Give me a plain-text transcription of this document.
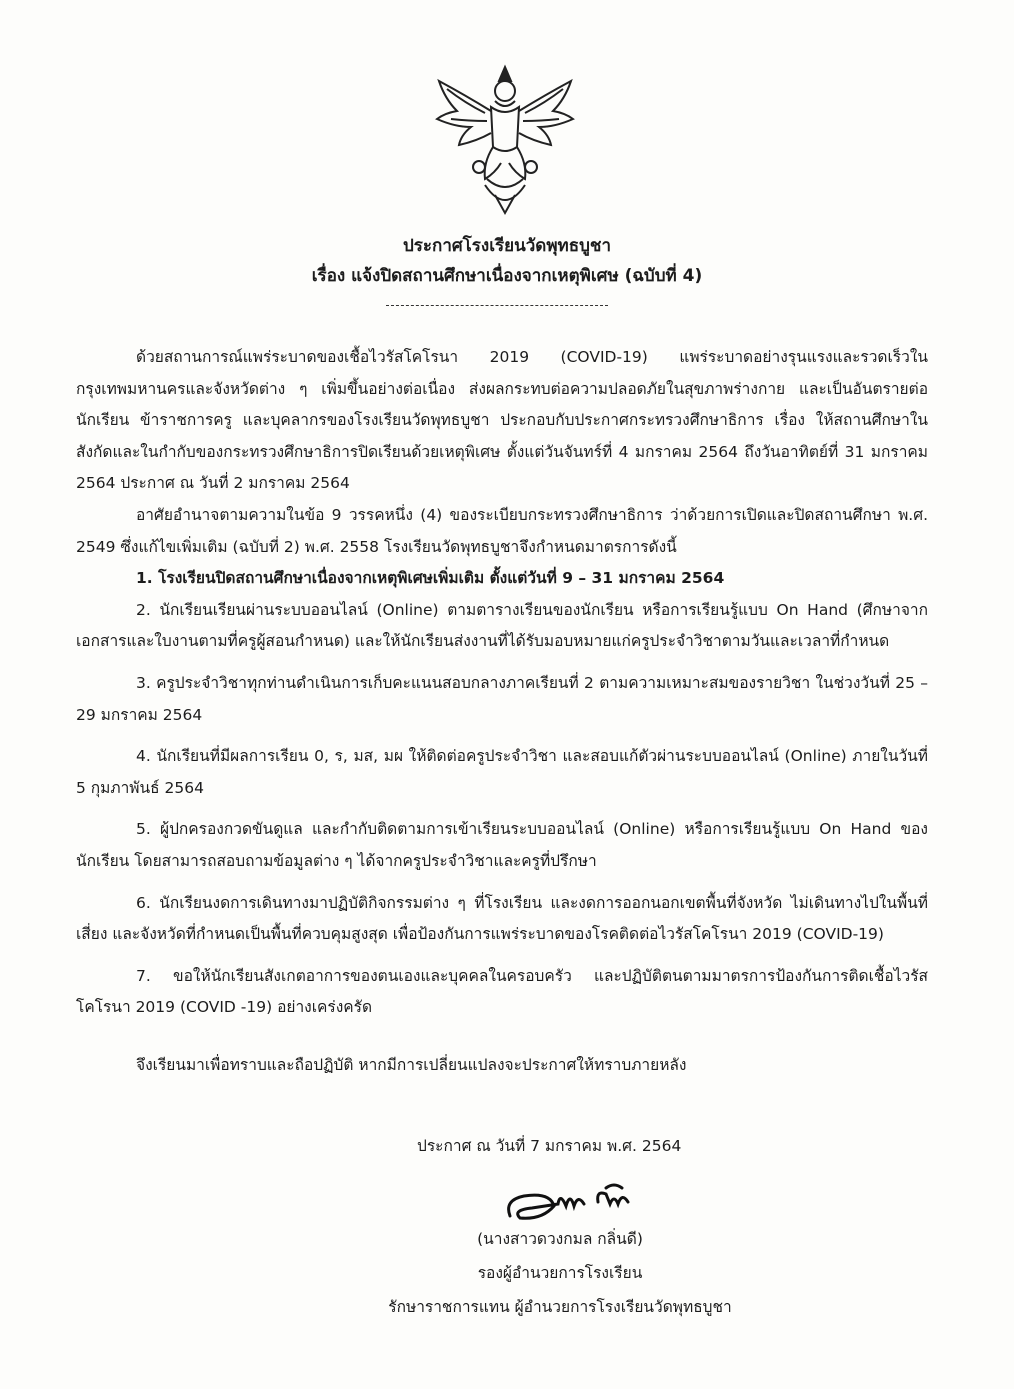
ประกาศโรงเรียนวัดพุทธบูชา
เรื่อง แจ้งปิดสถานศึกษาเนื่องจากเหตุพิเศษ (ฉบับที่ 4)

ด้วยสถานการณ์แพร่ระบาดของเชื้อไวรัสโคโรนา 2019 (COVID-19) แพร่ระบาดอย่างรุนแรงและรวดเร็วในกรุงเทพมหานครและจังหวัดต่าง ๆ เพิ่มขึ้นอย่างต่อเนื่อง ส่งผลกระทบต่อความปลอดภัยในสุขภาพร่างกาย และเป็นอันตรายต่อนักเรียน ข้าราชการครู และบุคลากรของโรงเรียนวัดพุทธบูชา ประกอบกับประกาศกระทรวงศึกษาธิการ เรื่อง ให้สถานศึกษาในสังกัดและในกำกับของกระทรวงศึกษาธิการปิดเรียนด้วยเหตุพิเศษ ตั้งแต่วันจันทร์ที่ 4 มกราคม 2564 ถึงวันอาทิตย์ที่ 31 มกราคม 2564 ประกาศ ณ วันที่ 2 มกราคม 2564

อาศัยอำนาจตามความในข้อ 9 วรรคหนึ่ง (4) ของระเบียบกระทรวงศึกษาธิการ ว่าด้วยการเปิดและปิดสถานศึกษา พ.ศ. 2549 ซึ่งแก้ไขเพิ่มเติม (ฉบับที่ 2) พ.ศ. 2558 โรงเรียนวัดพุทธบูชาจึงกำหนดมาตรการดังนี้

1. โรงเรียนปิดสถานศึกษาเนื่องจากเหตุพิเศษเพิ่มเติม ตั้งแต่วันที่ 9 – 31 มกราคม 2564

2. นักเรียนเรียนผ่านระบบออนไลน์ (Online) ตามตารางเรียนของนักเรียน หรือการเรียนรู้แบบ On Hand (ศึกษาจากเอกสารและใบงานตามที่ครูผู้สอนกำหนด) และให้นักเรียนส่งงานที่ได้รับมอบหมายแก่ครูประจำวิชาตามวันและเวลาที่กำหนด

3. ครูประจำวิชาทุกท่านดำเนินการเก็บคะแนนสอบกลางภาคเรียนที่ 2 ตามความเหมาะสมของรายวิชา ในช่วงวันที่ 25 – 29 มกราคม 2564

4. นักเรียนที่มีผลการเรียน 0, ร, มส, มผ ให้ติดต่อครูประจำวิชา และสอบแก้ตัวผ่านระบบออนไลน์ (Online) ภายในวันที่ 5 กุมภาพันธ์ 2564

5. ผู้ปกครองกวดขันดูแล และกำกับติดตามการเข้าเรียนระบบออนไลน์ (Online) หรือการเรียนรู้แบบ On Hand ของนักเรียน โดยสามารถสอบถามข้อมูลต่าง ๆ ได้จากครูประจำวิชาและครูที่ปรึกษา

6. นักเรียนงดการเดินทางมาปฏิบัติกิจกรรมต่าง ๆ ที่โรงเรียน และงดการออกนอกเขตพื้นที่จังหวัด ไม่เดินทางไปในพื้นที่เสี่ยง และจังหวัดที่กำหนดเป็นพื้นที่ควบคุมสูงสุด เพื่อป้องกันการแพร่ระบาดของโรคติดต่อไวรัสโคโรนา 2019 (COVID-19)

7. ขอให้นักเรียนสังเกตอาการของตนเองและบุคคลในครอบครัว และปฏิบัติตนตามมาตรการป้องกันการติดเชื้อไวรัสโคโรนา 2019 (COVID -19) อย่างเคร่งครัด

จึงเรียนมาเพื่อทราบและถือปฏิบัติ หากมีการเปลี่ยนแปลงจะประกาศให้ทราบภายหลัง

ประกาศ ณ วันที่ 7 มกราคม พ.ศ. 2564
(นางสาวดวงกมล กลิ่นดี)
รองผู้อำนวยการโรงเรียน
รักษาราชการแทน ผู้อำนวยการโรงเรียนวัดพุทธบูชา
